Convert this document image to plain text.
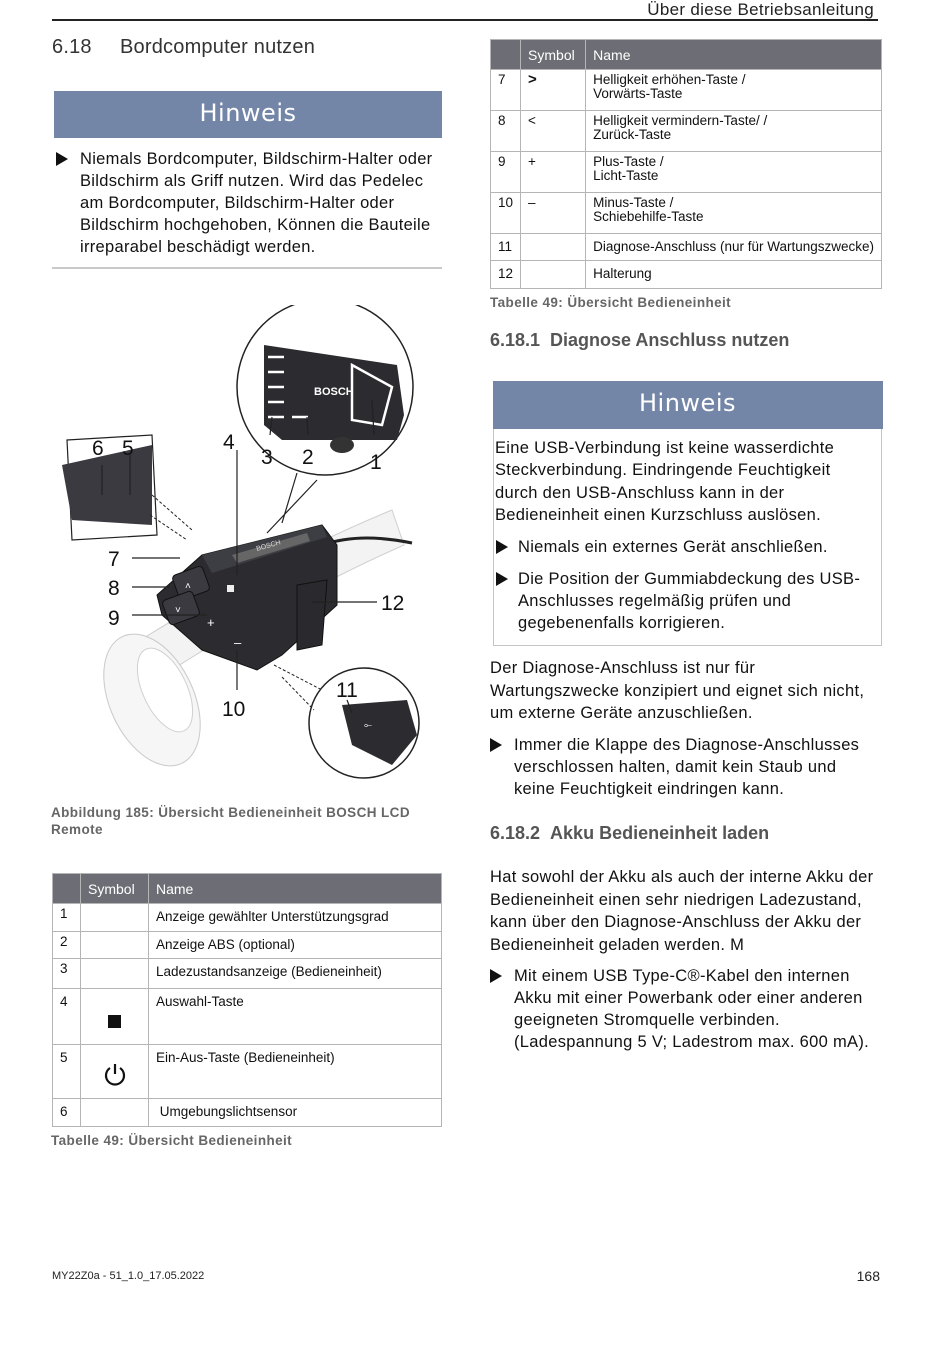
Über diese Betriebsanleitung
6.18 Bordcomputer nutzen
Hinweis
Niemals Bordcomputer, Bildschirm-Halter oder Bildschirm als Griff nutzen. Wird das Pedelec am Bordcomputer, Bildschirm-Halter oder Bildschirm hochgehoben, Können die Bauteile irreparabel beschädigt werden.
BOSCH
˄
˅
+
–
BOSCH
⟜
6 5	4
3 2	1
7
8
9
12
10
11
Abbildung 185: Übersicht Bedieneinheit BOSCH LCD Remote
	Symbol	Name
1		Anzeige gewählter Unterstützungsgrad
2		Anzeige ABS (optional)
3		Ladezustandsanzeige (Bedieneinheit)
4		Auswahl-Taste
5		Ein-Aus-Taste (Bedieneinheit)
6		Umgebungslichtsensor
Tabelle 49: Übersicht Bedieneinheit
	Symbol	Name
7	>	Helligkeit erhöhen-Taste /
Vorwärts-Taste

8	<	Helligkeit vermindern-Taste/ /
Zurück-Taste

9	+	Plus-Taste /
Licht-Taste

10	–	Minus-Taste /
Schiebehilfe-Taste

11		Diagnose-Anschluss (nur für Wartungszwecke)
12		Halterung
Tabelle 49: Übersicht Bedieneinheit
6.18.1 Diagnose Anschluss nutzen
Hinweis
Eine USB-Verbindung ist keine wasserdichte Steckverbindung. Eindringende Feuchtigkeit durch den USB-Anschluss kann in der Bedieneinheit einen Kurzschluss auslösen.
Niemals ein externes Gerät anschließen.
Die Position der Gummiabdeckung des USB-Anschlusses regelmäßig prüfen und gegebenenfalls korrigieren.
Der Diagnose-Anschluss ist nur für Wartungszwecke konzipiert und eignet sich nicht, um externe Geräte anzuschließen.
Immer die Klappe des Diagnose-Anschlusses verschlossen halten, damit kein Staub und keine Feuchtigkeit eindringen kann.
6.18.2 Akku Bedieneinheit laden
Hat sowohl der Akku als auch der interne Akku der Bedieneinheit einen sehr niedrigen Ladezustand, kann über den Diagnose-Anschluss der Akku der Bedieneinheit geladen werden. M
Mit einem USB Type-C®-Kabel den internen Akku mit einer Powerbank oder einer anderen geeigneten Stromquelle verbinden. (Ladespannung 5 V; Ladestrom max. 600 mA).
MY22Z0a - 51_1.0_17.05.2022	168
